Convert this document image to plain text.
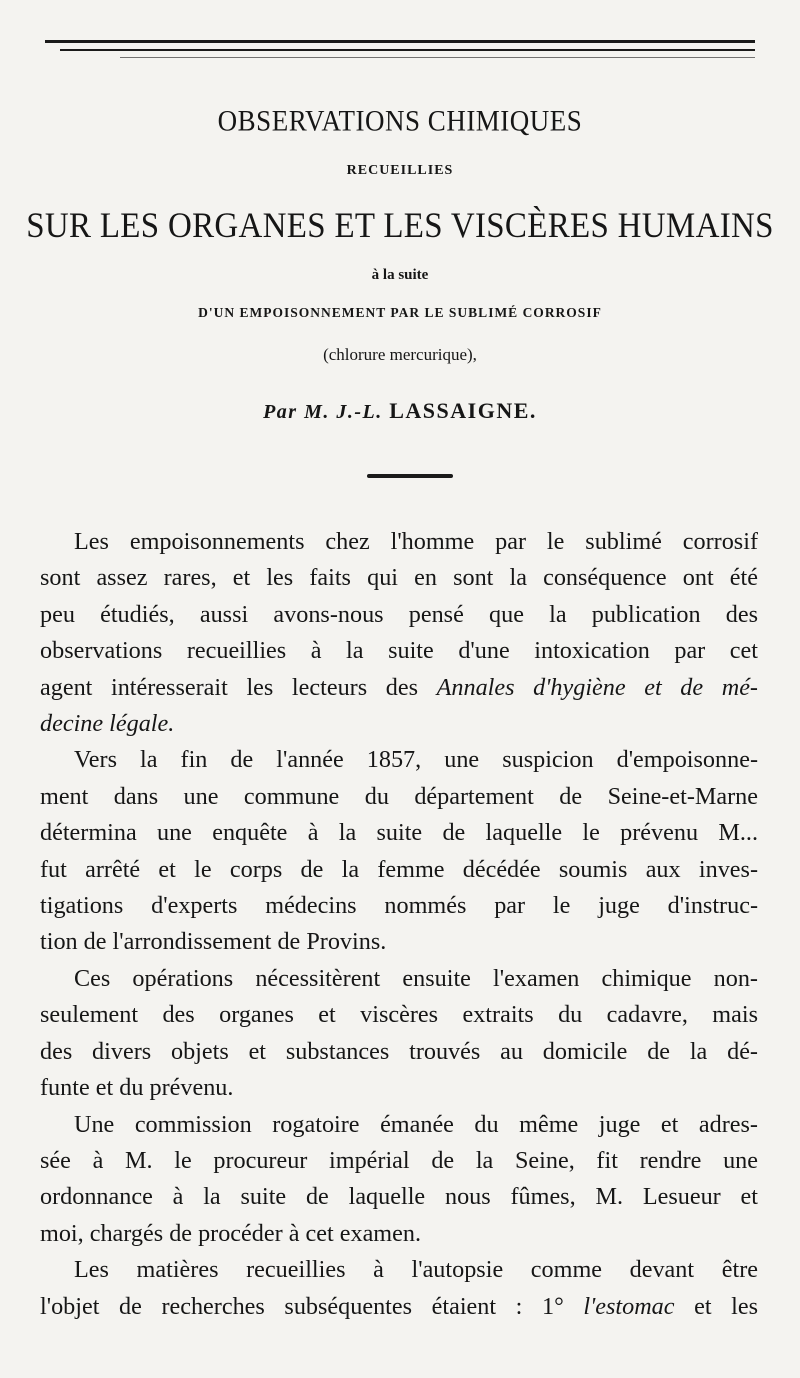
OBSERVATIONS CHIMIQUES
RECUEILLIES
SUR LES ORGANES ET LES VISCÈRES HUMAINS
à la suite
D'UN EMPOISONNEMENT PAR LE SUBLIMÉ CORROSIF
(chlorure mercurique),
Par M. J.-L. LASSAIGNE.
Les empoisonnements chez l'homme par le sublimé corrosif
sont assez rares, et les faits qui en sont la conséquence ont été
peu étudiés, aussi avons-nous pensé que la publication des
observations recueillies à la suite d'une intoxication par cet
agent intéresserait les lecteurs des Annales d'hygiène et de mé-
decine légale.
Vers la fin de l'année 1857, une suspicion d'empoisonne-
ment dans une commune du département de Seine-et-Marne
détermina une enquête à la suite de laquelle le prévenu M...
fut arrêté et le corps de la femme décédée soumis aux inves-
tigations d'experts médecins nommés par le juge d'instruc-
tion de l'arrondissement de Provins.
Ces opérations nécessitèrent ensuite l'examen chimique non-
seulement des organes et viscères extraits du cadavre, mais
des divers objets et substances trouvés au domicile de la dé-
funte et du prévenu.
Une commission rogatoire émanée du même juge et adres-
sée à M. le procureur impérial de la Seine, fit rendre une
ordonnance à la suite de laquelle nous fûmes, M. Lesueur et
moi, chargés de procéder à cet examen.
Les matières recueillies à l'autopsie comme devant être
l'objet de recherches subséquentes étaient : 1° l'estomac et les
